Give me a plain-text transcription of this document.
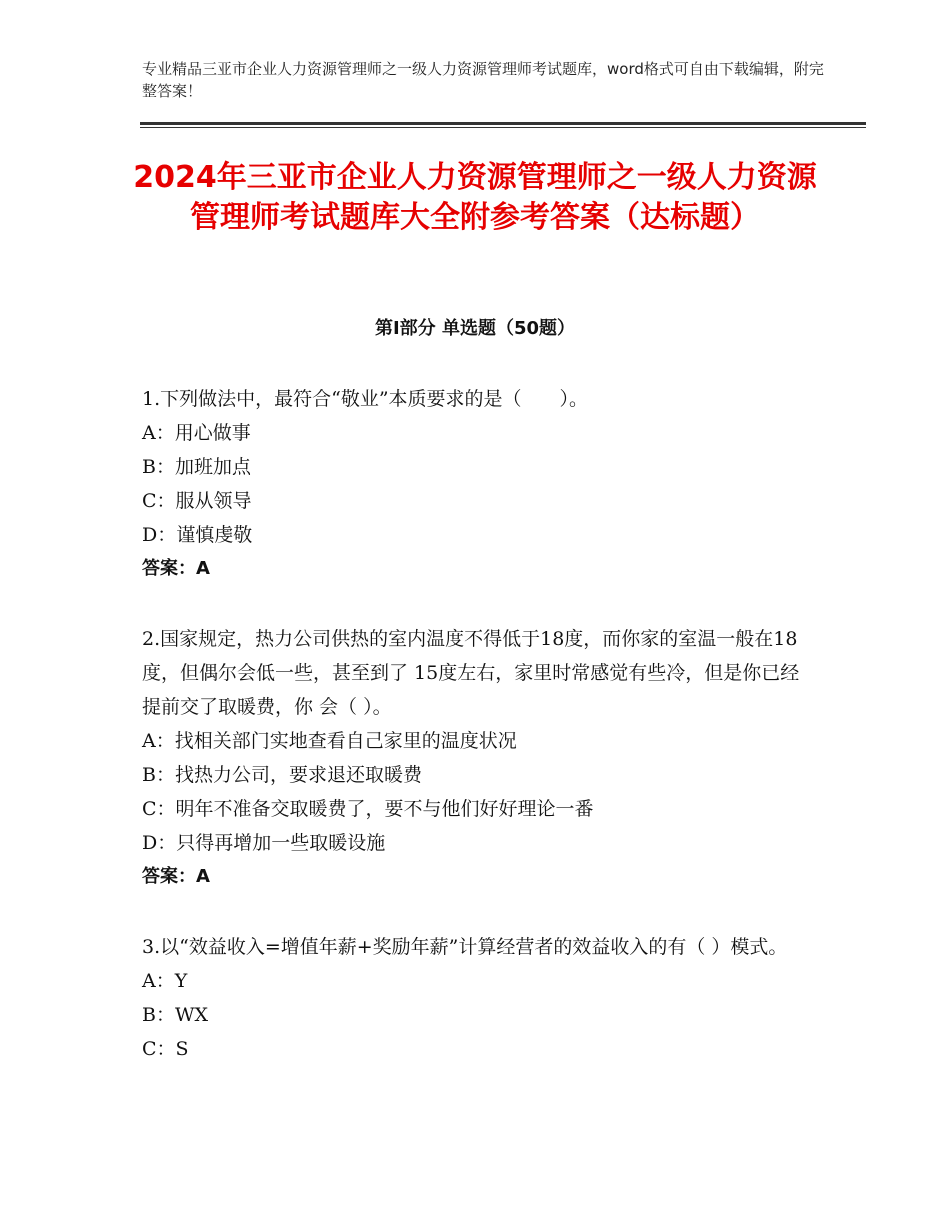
专业精品三亚市企业人力资源管理师之一级人力资源管理师考试题库，word格式可自由下载编辑，附完整答案！
2024年三亚市企业人力资源管理师之一级人力资源管理师考试题库大全附参考答案（达标题）
第Ⅰ部分 单选题（50题）

1.下列做法中，最符合“敬业”本质要求的是（　　）。

A：用心做事

B：加班加点

C：服从领导

D：谨慎虔敬

答案：A

2.国家规定，热力公司供热的室内温度不得低于18度，而你家的室温一般在18度，但偶尔会低一些，甚至到了 15度左右，家里时常感觉有些冷，但是你已经提前交了取暖费，你 会（ ）。

A：找相关部门实地查看自己家里的温度状况

B：找热力公司，要求退还取暖费

C：明年不准备交取暖费了，要不与他们好好理论一番

D：只得再增加一些取暖设施

答案：A

3.以“效益收入=增值年薪+奖励年薪”计算经营者的效益收入的有（ ）模式。

A：Y

B：WX

C：S
